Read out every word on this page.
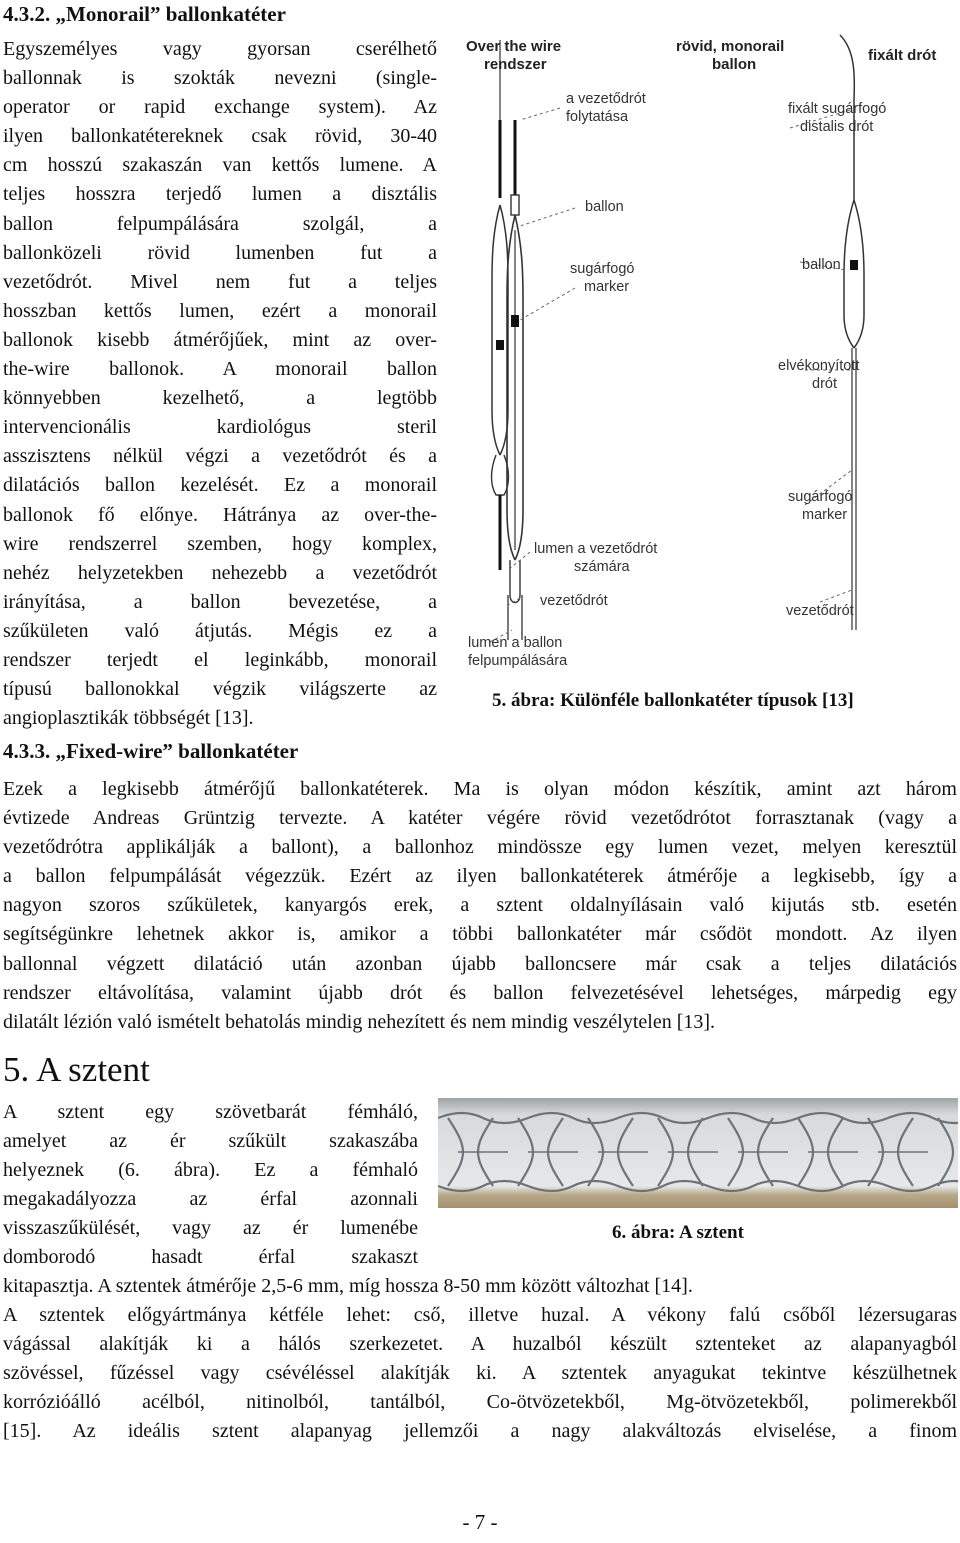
4.3.2. „Monorail” ballonkatéter
Egyszemélyes vagy gyorsan cserélhető
ballonnak is szokták nevezni (single-
operator or rapid exchange system). Az
ilyen ballonkatétereknek csak rövid, 30-40
cm hosszú szakaszán van kettős lumene. A
teljes hosszra terjedő lumen a disztális
ballon felpumpálására szolgál, a
ballonközeli rövid lumenben fut a
vezetődrót. Mivel nem fut a teljes
hosszban kettős lumen, ezért a monorail
ballonok kisebb átmérőjűek, mint az over-
the-wire ballonok. A monorail ballon
könnyebben kezelhető, a legtöbb
intervencionális kardiológus steril
asszisztens nélkül végzi a vezetődrót és a
dilatációs ballon kezelését. Ez a monorail
ballonok fő előnye. Hátránya az over-the-
wire rendszerrel szemben, hogy komplex,
nehéz helyzetekben nehezebb a vezetődrót
irányítása, a ballon bevezetése, a
szűkületen való átjutás. Mégis ez a
rendszer terjedt el leginkább, monorail
típusú ballonokkal végzik világszerte az
angioplasztikák többségét [13].
Over the wire
rendszer
rövid, monorail
ballon
fixált drót
a vezetődrót
folytatása
ballon
sugárfogó
marker
lumen a vezetődrót
számára
vezetődrót
lumen a ballon
felpumpálására
fixált sugárfogó
distalis drót
ballon
elvékonyított
drót
sugárfogó
marker
vezetődrót
5. ábra: Különféle ballonkatéter típusok [13]
4.3.3. „Fixed-wire” ballonkatéter
Ezek a legkisebb átmérőjű ballonkatéterek. Ma is olyan módon készítik, amint azt három
évtizede Andreas Grüntzig tervezte. A katéter végére rövid vezetődrótot forrasztanak (vagy a
vezetődrótra applikálják a ballont), a ballonhoz mindössze egy lumen vezet, melyen keresztül
a ballon felpumpálását végezzük. Ezért az ilyen ballonkatéterek átmérője a legkisebb, így a
nagyon szoros szűkületek, kanyargós erek, a sztent oldalnyílásain való kijutás stb. esetén
segítségünkre lehetnek akkor is, amikor a többi ballonkatéter már csődöt mondott. Az ilyen
ballonnal végzett dilatáció után azonban újabb balloncsere már csak a teljes dilatációs
rendszer eltávolítása, valamint újabb drót és ballon felvezetésével lehetséges, márpedig egy
dilatált lézión való ismételt behatolás mindig nehezített és nem mindig veszélytelen [13].
5. A sztent
A sztent egy szövetbarát fémháló,
amelyet az ér szűkült szakaszába
helyeznek (6. ábra). Ez a fémhaló
megakadályozza az érfal azonnali
visszaszűkülését, vagy az ér lumenébe
domborodó hasadt érfal szakaszt
6. ábra: A sztent
kitapasztja. A sztentek átmérője 2,5-6 mm, míg hossza 8-50 mm között változhat [14].
A sztentek előgyártmánya kétféle lehet: cső, illetve huzal. A vékony falú csőből lézersugaras
vágással alakítják ki a hálós szerkezetet. A huzalból készült sztenteket az alapanyagból
szövéssel, fűzéssel vagy csévéléssel alakítják ki. A sztentek anyagukat tekintve készülhetnek
korrózióálló acélból, nitinolból, tantálból, Co-ötvözetekből, Mg-ötvözetekből, polimerekből
[15]. Az ideális sztent alapanyag jellemzői a nagy alakváltozás elviselése, a finom
- 7 -
